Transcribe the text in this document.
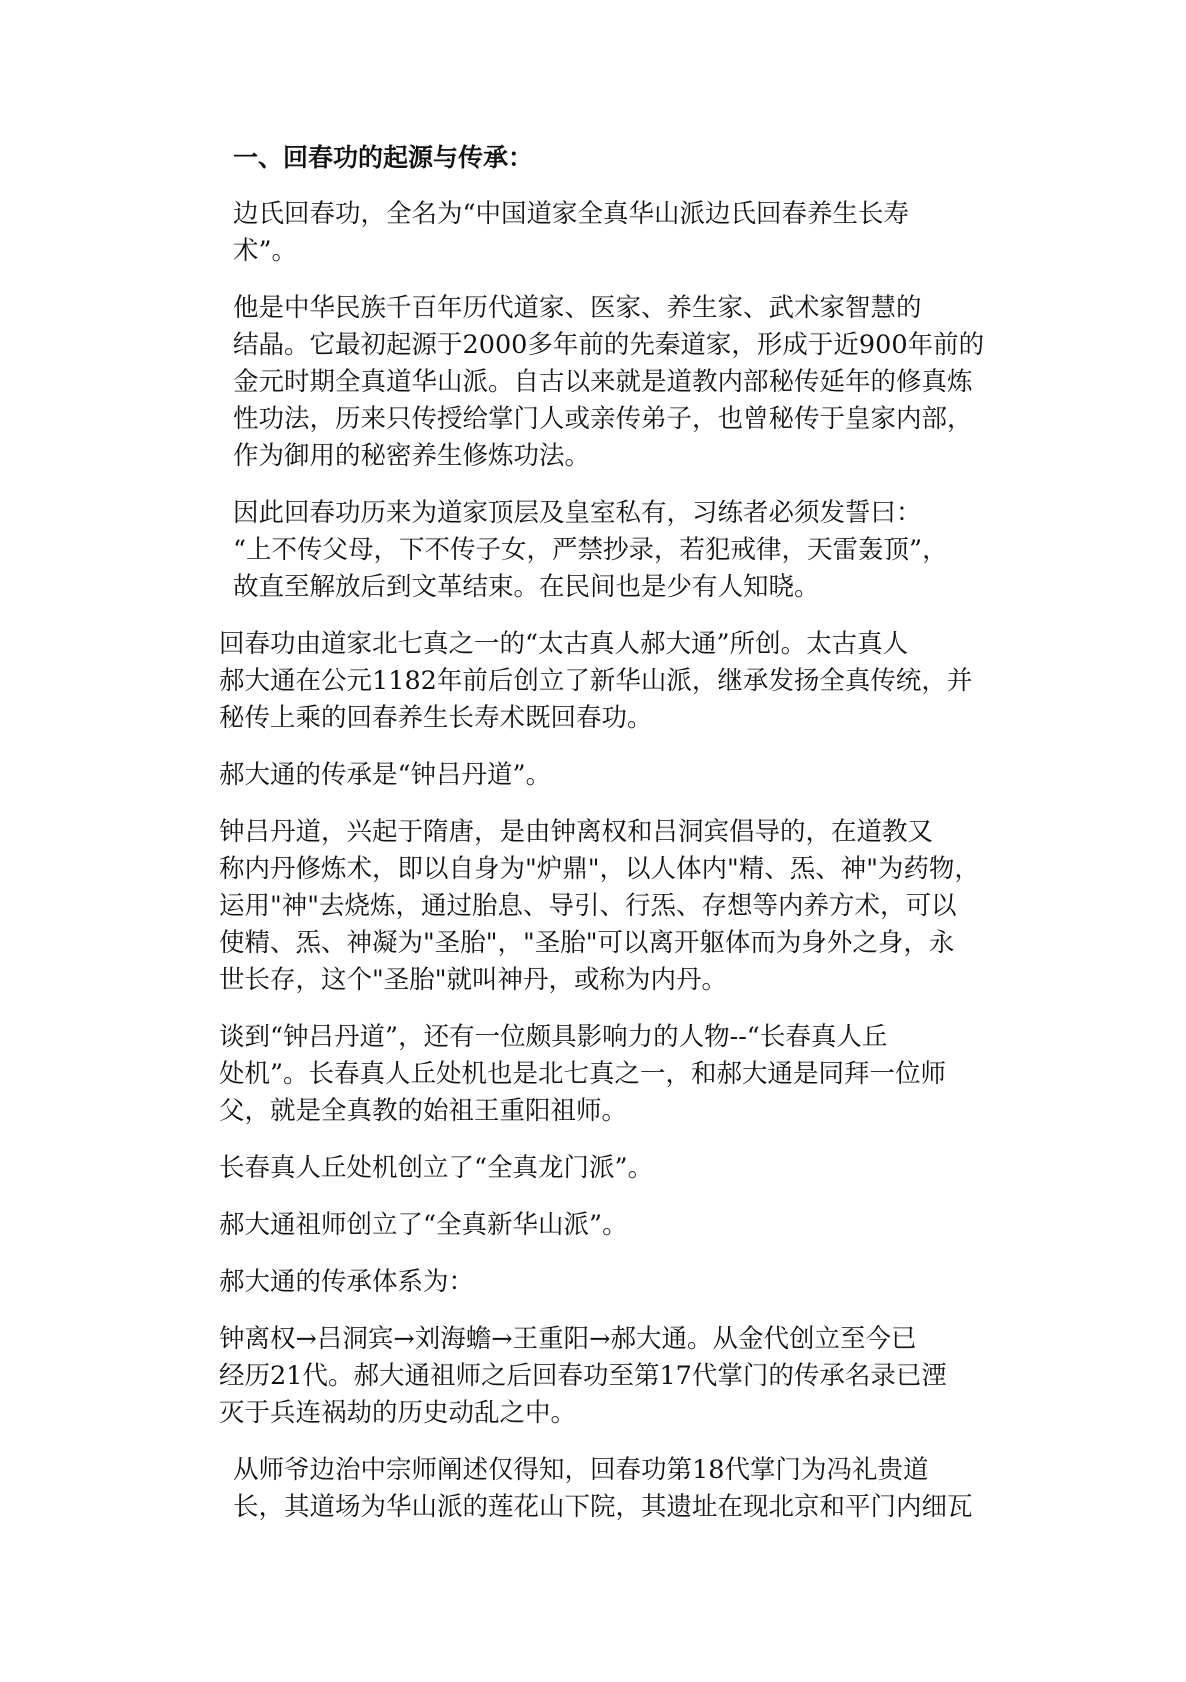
一、回春功的起源与传承：

边氏回春功，全名为“中国道家全真华山派边氏回春养生长寿
术”。

他是中华民族千百年历代道家、医家、养生家、武术家智慧的
结晶。它最初起源于2000多年前的先秦道家，形成于近900年前的
金元时期全真道华山派。自古以来就是道教内部秘传延年的修真炼
性功法，历来只传授给掌门人或亲传弟子，也曾秘传于皇家内部，
作为御用的秘密养生修炼功法。

因此回春功历来为道家顶层及皇室私有，习练者必须发誓曰：
“上不传父母，下不传子女，严禁抄录，若犯戒律，天雷轰顶”，
故直至解放后到文革结束。在民间也是少有人知晓。

回春功由道家北七真之一的“太古真人郝大通”所创。太古真人
郝大通在公元1182年前后创立了新华山派，继承发扬全真传统，并
秘传上乘的回春养生长寿术既回春功。

郝大通的传承是“钟吕丹道”。

钟吕丹道，兴起于隋唐，是由钟离权和吕洞宾倡导的，在道教又
称内丹修炼术，即以自身为"炉鼎"，以人体内"精、炁、神"为药物，
运用"神"去烧炼，通过胎息、导引、行炁、存想等内养方术，可以
使精、炁、神凝为"圣胎"，"圣胎"可以离开躯体而为身外之身，永
世长存，这个"圣胎"就叫神丹，或称为内丹。

谈到“钟吕丹道”，还有一位颇具影响力的人物--“长春真人丘
处机”。长春真人丘处机也是北七真之一，和郝大通是同拜一位师
父，就是全真教的始祖王重阳祖师。

长春真人丘处机创立了“全真龙门派”。

郝大通祖师创立了“全真新华山派”。

郝大通的传承体系为：

钟离权→吕洞宾→刘海蟾→王重阳→郝大通。从金代创立至今已
经历21代。郝大通祖师之后回春功至第17代掌门的传承名录已湮
灭于兵连祸劫的历史动乱之中。

从师爷边治中宗师阐述仅得知，回春功第18代掌门为冯礼贵道
长，其道场为华山派的莲花山下院，其遗址在现北京和平门内细瓦
